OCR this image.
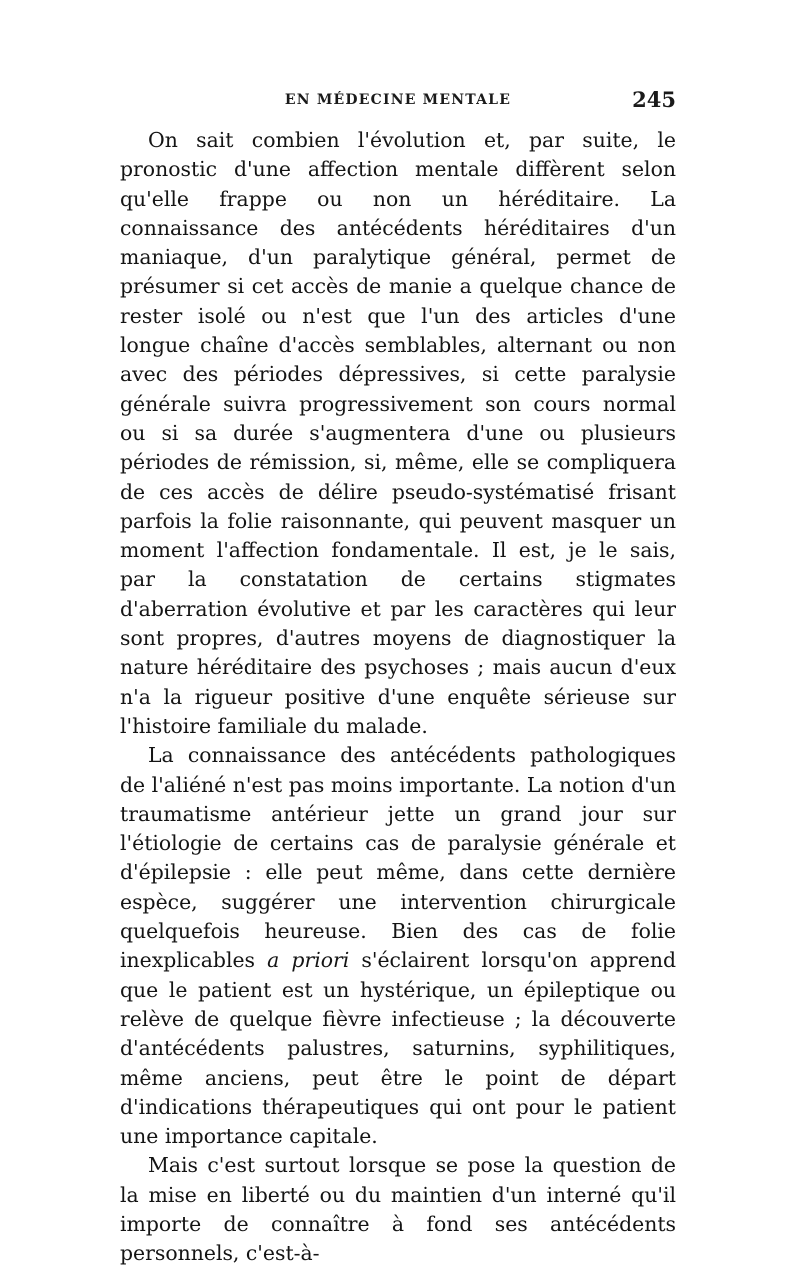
EN MÉDECINE MENTALE	245

On sait combien l'évolution et, par suite, le pronostic d'une affection mentale diffèrent selon qu'elle frappe ou non un héréditaire. La connaissance des antécédents héréditaires d'un maniaque, d'un paralytique général, permet de présumer si cet accès de manie a quelque chance de rester isolé ou n'est que l'un des articles d'une longue chaîne d'accès semblables, alternant ou non avec des périodes dépressives, si cette paralysie générale suivra progressivement son cours normal ou si sa durée s'augmentera d'une ou plusieurs périodes de rémission, si, même, elle se compliquera de ces accès de délire pseudo-systématisé frisant parfois la folie raisonnante, qui peuvent masquer un moment l'affection fondamentale. Il est, je le sais, par la constatation de certains stigmates d'aberration évolutive et par les caractères qui leur sont propres, d'autres moyens de diagnostiquer la nature héréditaire des psychoses ; mais aucun d'eux n'a la rigueur positive d'une enquête sérieuse sur l'histoire familiale du malade.

La connaissance des antécédents pathologiques de l'aliéné n'est pas moins importante. La notion d'un traumatisme antérieur jette un grand jour sur l'étiologie de certains cas de paralysie générale et d'épilepsie : elle peut même, dans cette dernière espèce, suggérer une intervention chirurgicale quelquefois heureuse. Bien des cas de folie inexplicables a priori s'éclairent lorsqu'on apprend que le patient est un hystérique, un épileptique ou relève de quelque fièvre infectieuse ; la découverte d'antécédents palustres, saturnins, syphilitiques, même anciens, peut être le point de départ d'indications thérapeutiques qui ont pour le patient une importance capitale.

Mais c'est surtout lorsque se pose la question de la mise en liberté ou du maintien d'un interné qu'il importe de connaître à fond ses antécédents personnels, c'est-à-
